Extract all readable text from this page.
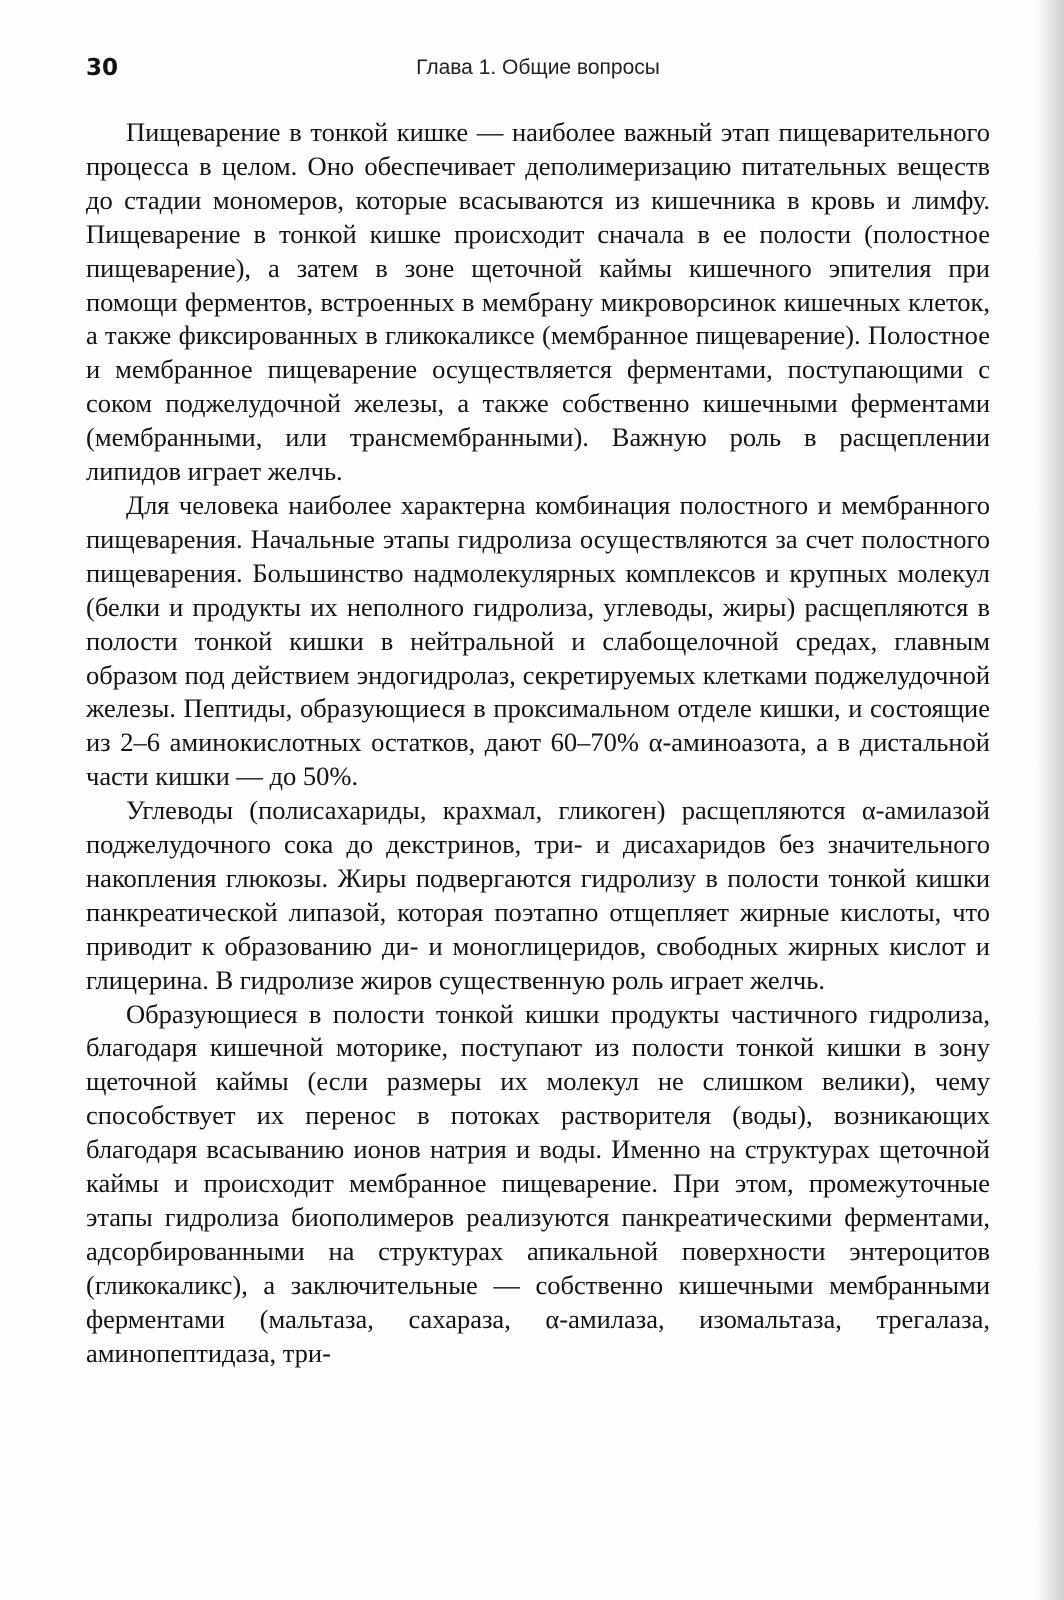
30	Глава 1. Общие вопросы

Пищеварение в тонкой кишке — наиболее важный этап пищеварительного процесса в целом. Оно обеспечивает деполимеризацию питательных веществ до стадии мономеров, которые всасываются из кишечника в кровь и лимфу. Пищеварение в тонкой кишке происходит сначала в ее полости (полостное пищеварение), а затем в зоне щеточной каймы кишечного эпителия при помощи ферментов, встроенных в мембрану микроворсинок кишечных клеток, а также фиксированных в гликокаликсе (мембранное пищеварение). Полостное и мембранное пищеварение осуществляется ферментами, поступающими с соком поджелудочной железы, а также собственно кишечными ферментами (мембранными, или трансмембранными). Важную роль в расщеплении липидов играет желчь.

Для человека наиболее характерна комбинация полостного и мембранного пищеварения. Начальные этапы гидролиза осуществляются за счет полостного пищеварения. Большинство надмолекулярных комплексов и крупных молекул (белки и продукты их неполного гидролиза, углеводы, жиры) расщепляются в полости тонкой кишки в нейтральной и слабощелочной средах, главным образом под действием эндогидролаз, секретируемых клетками поджелудочной железы. Пептиды, образующиеся в проксимальном отделе кишки, и состоящие из 2–6 аминокислотных остатков, дают 60–70% α-аминоазота, а в дистальной части кишки — до 50%.

Углеводы (полисахариды, крахмал, гликоген) расщепляются α-амилазой поджелудочного сока до декстринов, три- и дисахаридов без значительного накопления глюкозы. Жиры подвергаются гидролизу в полости тонкой кишки панкреатической липазой, которая поэтапно отщепляет жирные кислоты, что приводит к образованию ди- и моноглицеридов, свободных жирных кислот и глицерина. В гидролизе жиров существенную роль играет желчь.

Образующиеся в полости тонкой кишки продукты частичного гидролиза, благодаря кишечной моторике, поступают из полости тонкой кишки в зону щеточной каймы (если размеры их молекул не слишком велики), чему способствует их перенос в потоках растворителя (воды), возникающих благодаря всасыванию ионов натрия и воды. Именно на структурах щеточной каймы и происходит мембранное пищеварение. При этом, промежуточные этапы гидролиза биополимеров реализуются панкреатическими ферментами, адсорбированными на структурах апикальной поверхности энтероцитов (гликокаликс), а заключительные — собственно кишечными мембранными ферментами (мальтаза, сахараза, α-амилаза, изомальтаза, трегалаза, аминопептидаза, три-
